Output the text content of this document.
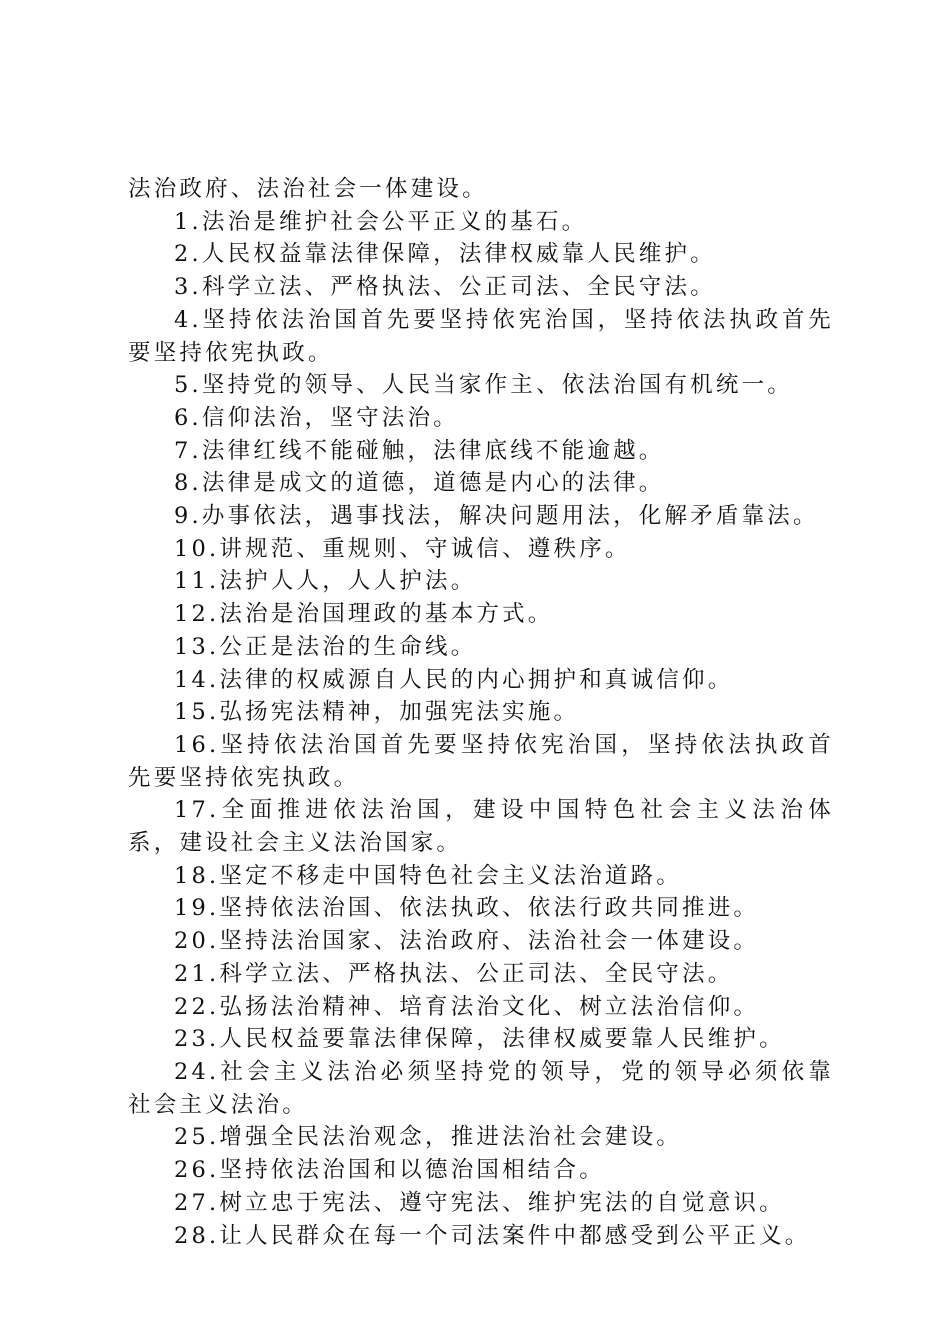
法治政府、法治社会一体建设。
1.法治是维护社会公平正义的基石。
2.人民权益靠法律保障，法律权威靠人民维护。
3.科学立法、严格执法、公正司法、全民守法。
4.坚持依法治国首先要坚持依宪治国，坚持依法执政首先要坚持依宪执政。
5.坚持党的领导、人民当家作主、依法治国有机统一。
6.信仰法治，坚守法治。
7.法律红线不能碰触，法律底线不能逾越。
8.法律是成文的道德，道德是内心的法律。
9.办事依法，遇事找法，解决问题用法，化解矛盾靠法。
10.讲规范、重规则、守诚信、遵秩序。
11.法护人人，人人护法。
12.法治是治国理政的基本方式。
13.公正是法治的生命线。
14.法律的权威源自人民的内心拥护和真诚信仰。
15.弘扬宪法精神，加强宪法实施。
16.坚持依法治国首先要坚持依宪治国，坚持依法执政首先要坚持依宪执政。
17.全面推进依法治国，建设中国特色社会主义法治体系，建设社会主义法治国家。
18.坚定不移走中国特色社会主义法治道路。
19.坚持依法治国、依法执政、依法行政共同推进。
20.坚持法治国家、法治政府、法治社会一体建设。
21.科学立法、严格执法、公正司法、全民守法。
22.弘扬法治精神、培育法治文化、树立法治信仰。
23.人民权益要靠法律保障，法律权威要靠人民维护。
24.社会主义法治必须坚持党的领导，党的领导必须依靠社会主义法治。
25.增强全民法治观念，推进法治社会建设。
26.坚持依法治国和以德治国相结合。
27.树立忠于宪法、遵守宪法、维护宪法的自觉意识。
28.让人民群众在每一个司法案件中都感受到公平正义。
